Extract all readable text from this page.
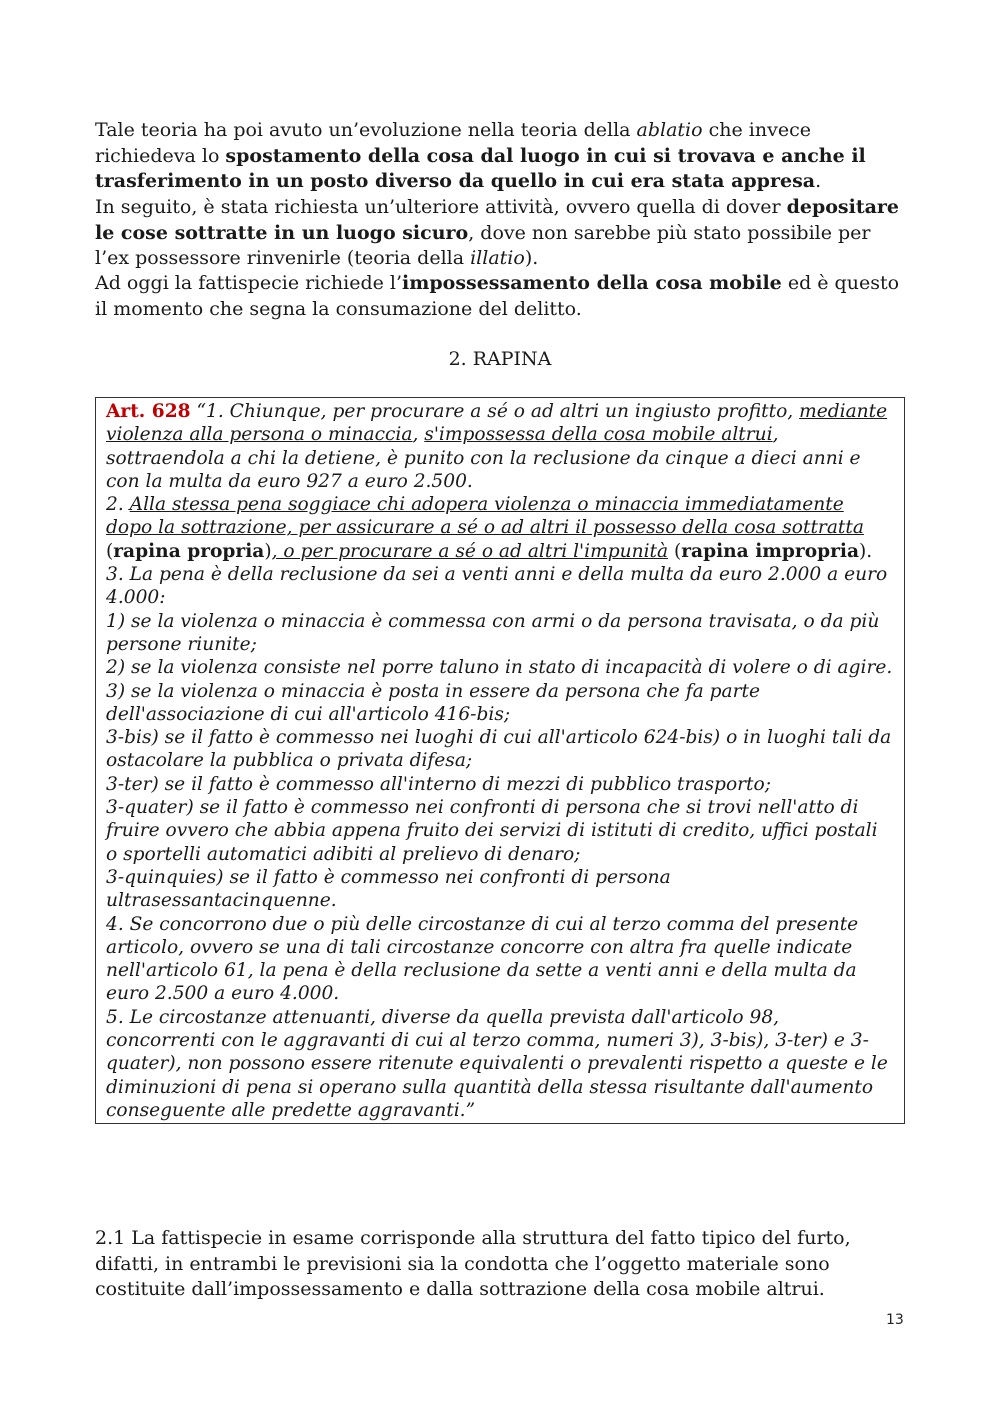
Tale teoria ha poi avuto un’evoluzione nella teoria della ablatio che invece richiedeva lo spostamento della cosa dal luogo in cui si trovava e anche il trasferimento in un posto diverso da quello in cui era stata appresa.

In seguito, è stata richiesta un’ulteriore attività, ovvero quella di dover depositare le cose sottratte in un luogo sicuro, dove non sarebbe più stato possibile per l’ex possessore rinvenirle (teoria della illatio).

Ad oggi la fattispecie richiede l’impossessamento della cosa mobile ed è questo il momento che segna la consumazione del delitto.

2. RAPINA

Art. 628 “1. Chiunque, per procurare a sé o ad altri un ingiusto profitto, mediante violenza alla persona o minaccia, s'impossessa della cosa mobile altrui, sottraendola a chi la detiene, è punito con la reclusione da cinque a dieci anni e con la multa da euro 927 a euro 2.500.

2. Alla stessa pena soggiace chi adopera violenza o minaccia immediatamente dopo la sottrazione, per assicurare a sé o ad altri il possesso della cosa sottratta (rapina propria), o per procurare a sé o ad altri l'impunità (rapina impropria).

3. La pena è della reclusione da sei a venti anni e della multa da euro 2.000 a euro 4.000:

1) se la violenza o minaccia è commessa con armi o da persona travisata, o da più persone riunite;

2) se la violenza consiste nel porre taluno in stato di incapacità di volere o di agire.

3) se la violenza o minaccia è posta in essere da persona che fa parte dell'associazione di cui all'articolo 416-bis;

3-bis) se il fatto è commesso nei luoghi di cui all'articolo 624-bis) o in luoghi tali da ostacolare la pubblica o privata difesa;

3-ter) se il fatto è commesso all'interno di mezzi di pubblico trasporto;

3-quater) se il fatto è commesso nei confronti di persona che si trovi nell'atto di fruire ovvero che abbia appena fruito dei servizi di istituti di credito, uffici postali o sportelli automatici adibiti al prelievo di denaro;

3-quinquies) se il fatto è commesso nei confronti di persona ultrasessantacinquenne.

4. Se concorrono due o più delle circostanze di cui al terzo comma del presente articolo, ovvero se una di tali circostanze concorre con altra fra quelle indicate nell'articolo 61, la pena è della reclusione da sette a venti anni e della multa da euro 2.500 a euro 4.000.

5. Le circostanze attenuanti, diverse da quella prevista dall'articolo 98, concorrenti con le aggravanti di cui al terzo comma, numeri 3), 3-bis), 3-ter) e 3-quater), non possono essere ritenute equivalenti o prevalenti rispetto a queste e le diminuzioni di pena si operano sulla quantità della stessa risultante dall'aumento conseguente alle predette aggravanti.”

2.1 La fattispecie in esame corrisponde alla struttura del fatto tipico del furto, difatti, in entrambi le previsioni sia la condotta che l’oggetto materiale sono costituite dall’impossessamento e dalla sottrazione della cosa mobile altrui.

13
